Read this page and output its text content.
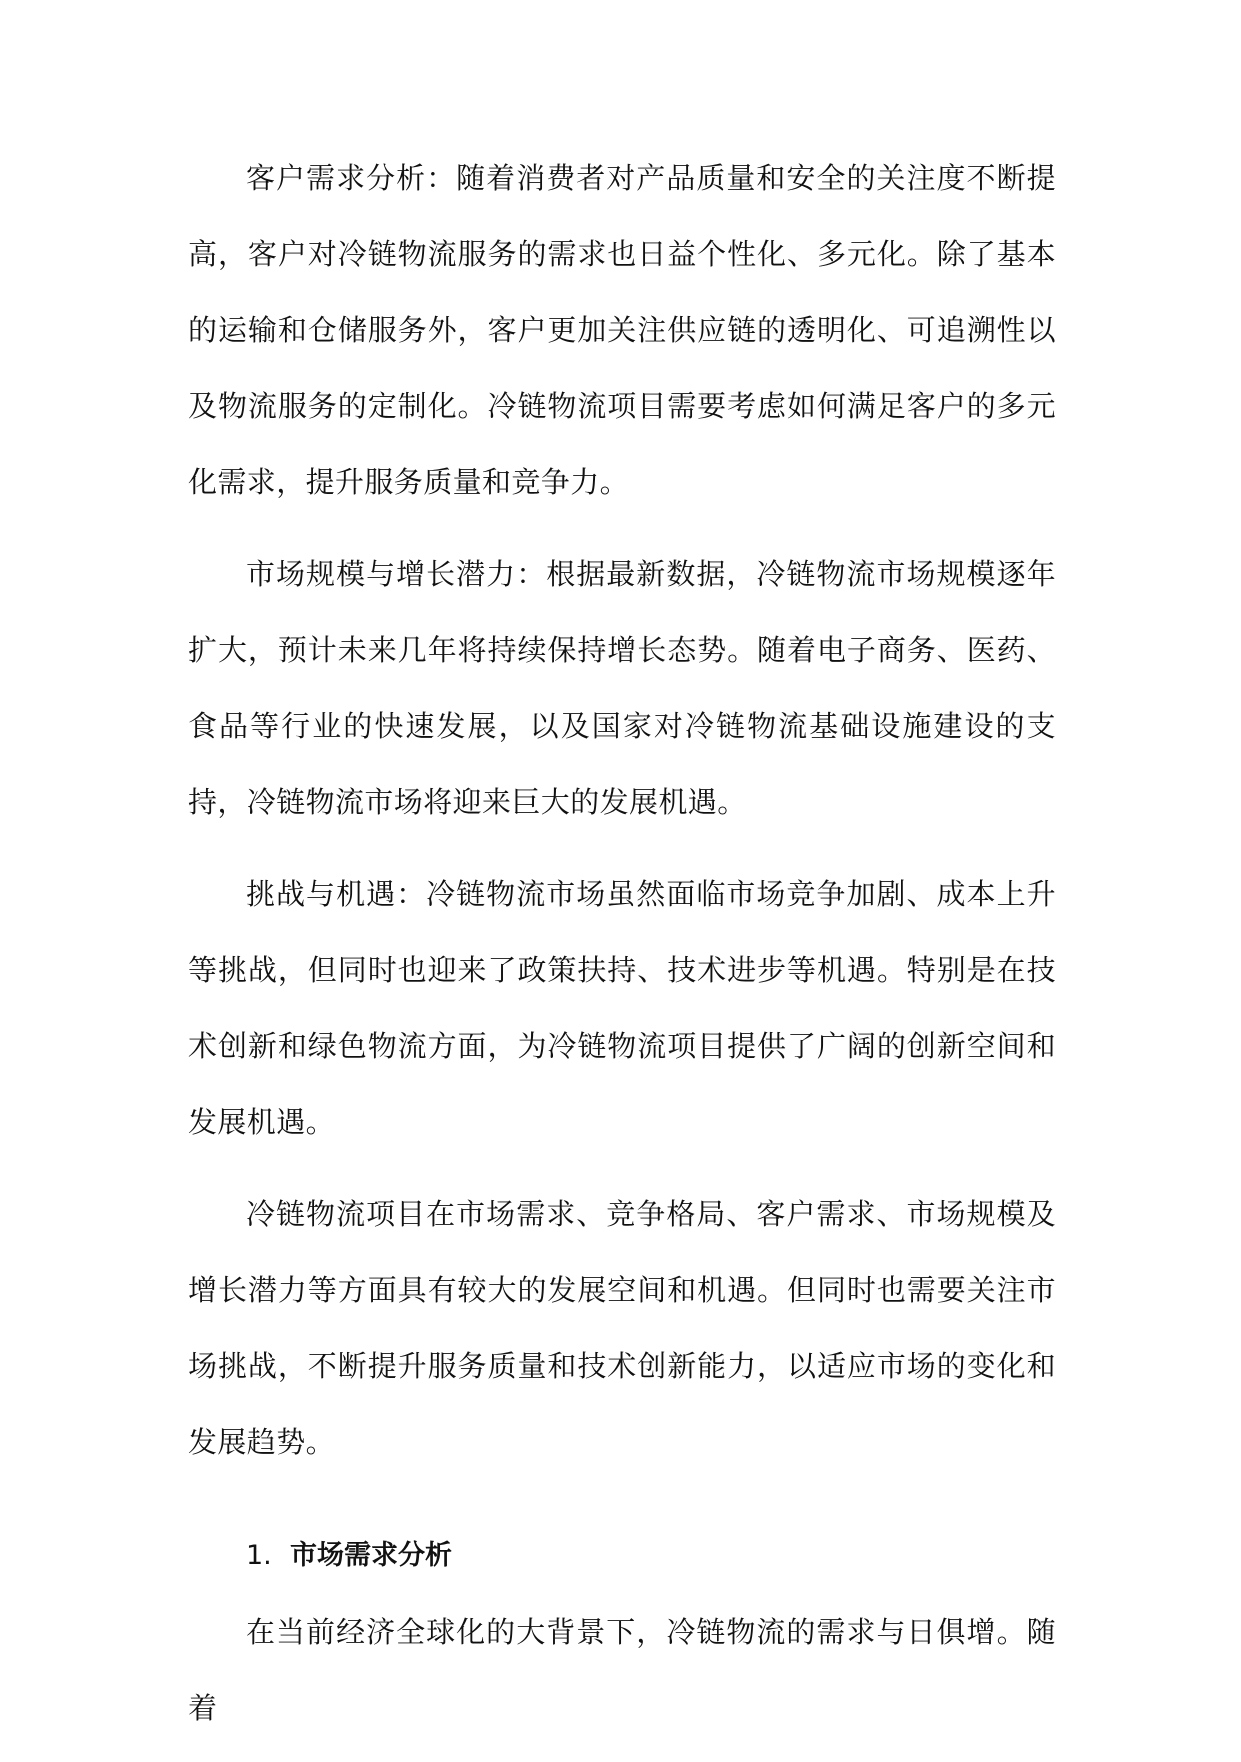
客户需求分析：随着消费者对产品质量和安全的关注度不断提高，客户对冷链物流服务的需求也日益个性化、多元化。除了基本的运输和仓储服务外，客户更加关注供应链的透明化、可追溯性以及物流服务的定制化。冷链物流项目需要考虑如何满足客户的多元化需求，提升服务质量和竞争力。

市场规模与增长潜力：根据最新数据，冷链物流市场规模逐年扩大，预计未来几年将持续保持增长态势。随着电子商务、医药、食品等行业的快速发展，以及国家对冷链物流基础设施建设的支持，冷链物流市场将迎来巨大的发展机遇。

挑战与机遇：冷链物流市场虽然面临市场竞争加剧、成本上升等挑战，但同时也迎来了政策扶持、技术进步等机遇。特别是在技术创新和绿色物流方面，为冷链物流项目提供了广阔的创新空间和发展机遇。

冷链物流项目在市场需求、竞争格局、客户需求、市场规模及增长潜力等方面具有较大的发展空间和机遇。但同时也需要关注市场挑战，不断提升服务质量和技术创新能力，以适应市场的变化和发展趋势。

1. 市场需求分析

在当前经济全球化的大背景下，冷链物流的需求与日俱增。随着
